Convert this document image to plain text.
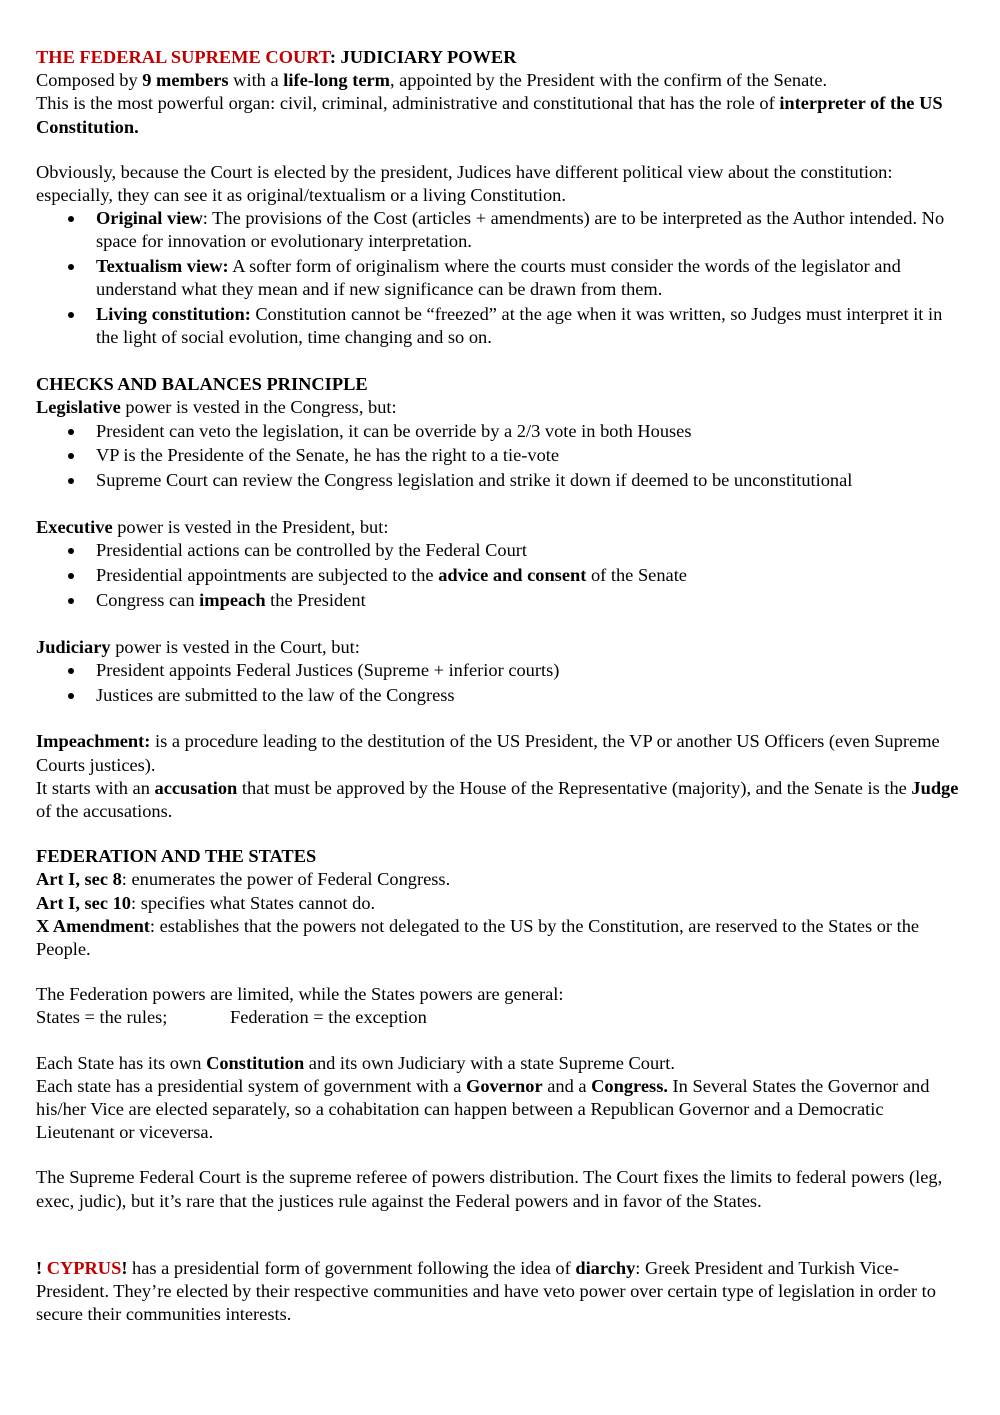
THE FEDERAL SUPREME COURT: JUDICIARY POWER

Composed by 9 members with a life-long term, appointed by the President with the confirm of the Senate.

This is the most powerful organ: civil, criminal, administrative and constitutional that has the role of interpreter of the US Constitution.

Obviously, because the Court is elected by the president, Judices have different political view about the constitution: especially, they can see it as original/textualism or a living Constitution.

Original view: The provisions of the Cost (articles + amendments) are to be interpreted as the Author intended. No space for innovation or evolutionary interpretation.
Textualism view: A softer form of originalism where the courts must consider the words of the legislator and understand what they mean and if new significance can be drawn from them.
Living constitution: Constitution cannot be “freezed” at the age when it was written, so Judges must interpret it in the light of social evolution, time changing and so on.

CHECKS AND BALANCES PRINCIPLE

Legislative power is vested in the Congress, but:

President can veto the legislation, it can be override by a 2/3 vote in both Houses
VP is the Presidente of the Senate, he has the right to a tie-vote
Supreme Court can review the Congress legislation and strike it down if deemed to be unconstitutional

Executive power is vested in the President, but:

Presidential actions can be controlled by the Federal Court
Presidential appointments are subjected to the advice and consent of the Senate
Congress can impeach the President

Judiciary power is vested in the Court, but:

President appoints Federal Justices (Supreme + inferior courts)
Justices are submitted to the law of the Congress

Impeachment: is a procedure leading to the destitution of the US President, the VP or another US Officers (even Supreme Courts justices).

It starts with an accusation that must be approved by the House of the Representative (majority), and the Senate is the Judge of the accusations.

FEDERATION AND THE STATES

Art I, sec 8: enumerates the power of Federal Congress.

Art I, sec 10: specifies what States cannot do.

X Amendment: establishes that the powers not delegated to the US by the Constitution, are reserved to the States or the People.

The Federation powers are limited, while the States powers are general:

States = the rules;	Federation = the exception

Each State has its own Constitution and its own Judiciary with a state Supreme Court.

Each state has a presidential system of government with a Governor and a Congress. In Several States the Governor and his/her Vice are elected separately, so a cohabitation can happen between a Republican Governor and a Democratic Lieutenant or viceversa.

The Supreme Federal Court is the supreme referee of powers distribution. The Court fixes the limits to federal powers (leg, exec, judic), but it’s rare that the justices rule against the Federal powers and in favor of the States.

! CYPRUS! has a presidential form of government following the idea of diarchy: Greek President and Turkish Vice-President. They’re elected by their respective communities and have veto power over certain type of legislation in order to secure their communities interests.
